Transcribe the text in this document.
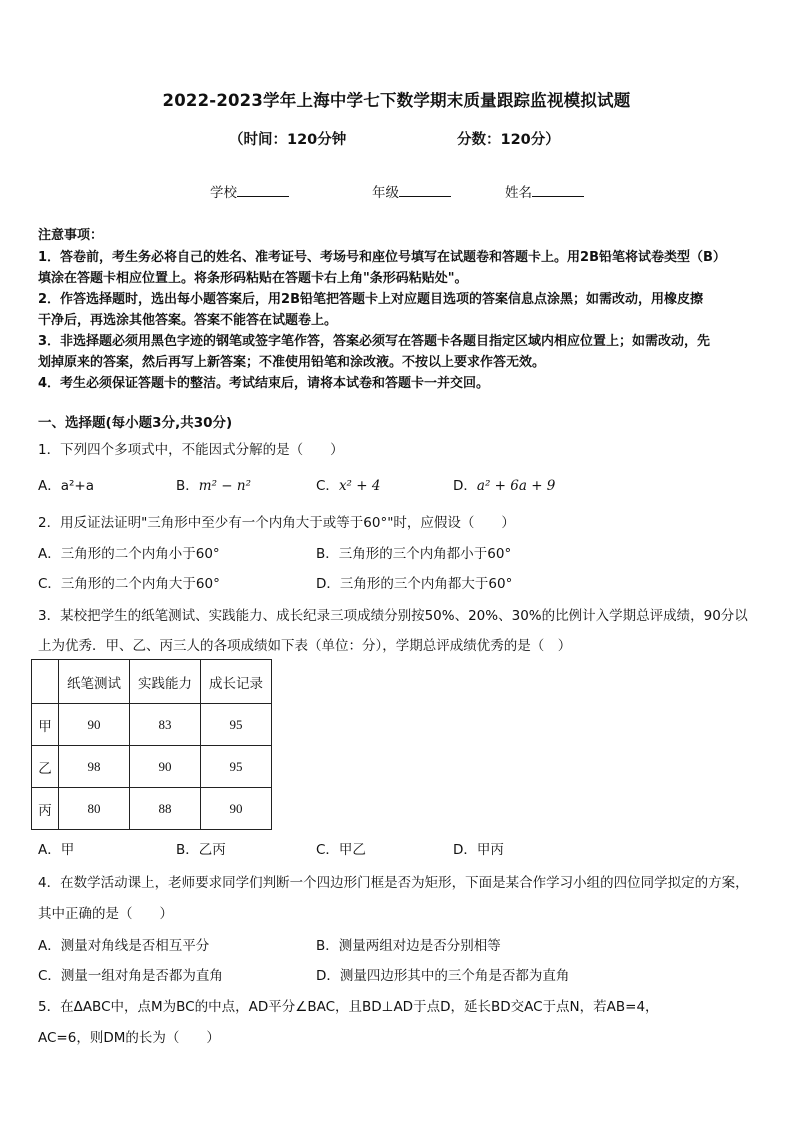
2022-2023学年上海中学七下数学期末质量跟踪监视模拟试题
（时间：120分钟	分数：120分）
学校	年级	姓名
注意事项：
1．答卷前，考生务必将自己的姓名、准考证号、考场号和座位号填写在试题卷和答题卡上。用2B铅笔将试卷类型（B）
填涂在答题卡相应位置上。将条形码粘贴在答题卡右上角"条形码粘贴处"。
2．作答选择题时，选出每小题答案后，用2B铅笔把答题卡上对应题目选项的答案信息点涂黑；如需改动，用橡皮擦
干净后，再选涂其他答案。答案不能答在试题卷上。
3．非选择题必须用黑色字迹的钢笔或签字笔作答，答案必须写在答题卡各题目指定区域内相应位置上；如需改动，先
划掉原来的答案，然后再写上新答案；不准使用铅笔和涂改液。不按以上要求作答无效。
4．考生必须保证答题卡的整洁。考试结束后，请将本试卷和答题卡一并交回。
一、选择题(每小题3分,共30分)
1．下列四个多项式中，不能因式分解的是（　　）
A．a²+a	B．m² − n²	C．x² + 4	D．a² + 6a + 9
2．用反证法证明"三角形中至少有一个内角大于或等于60°"时，应假设（　　）
A．三角形的二个内角小于60°	B．三角形的三个内角都小于60°
C．三角形的二个内角大于60°	D．三角形的三个内角都大于60°
3．某校把学生的纸笔测试、实践能力、成长纪录三项成绩分别按50%、20%、30%的比例计入学期总评成绩，90分以
上为优秀．甲、乙、丙三人的各项成绩如下表（单位：分），学期总评成绩优秀的是（　）
	纸笔测试	实践能力	成长记录
甲	90	83	95
乙	98	90	95
丙	80	88	90
A．甲	B．乙丙	C．甲乙	D．甲丙
4．在数学活动课上，老师要求同学们判断一个四边形门框是否为矩形，下面是某合作学习小组的四位同学拟定的方案，
其中正确的是（　　）
A．测量对角线是否相互平分	B．测量两组对边是否分别相等
C．测量一组对角是否都为直角	D．测量四边形其中的三个角是否都为直角
5．在ΔABC中，点M为BC的中点，AD平分∠BAC，且BD⊥AD于点D，延长BD交AC于点N，若AB=4，
AC=6，则DM的长为（　　）
